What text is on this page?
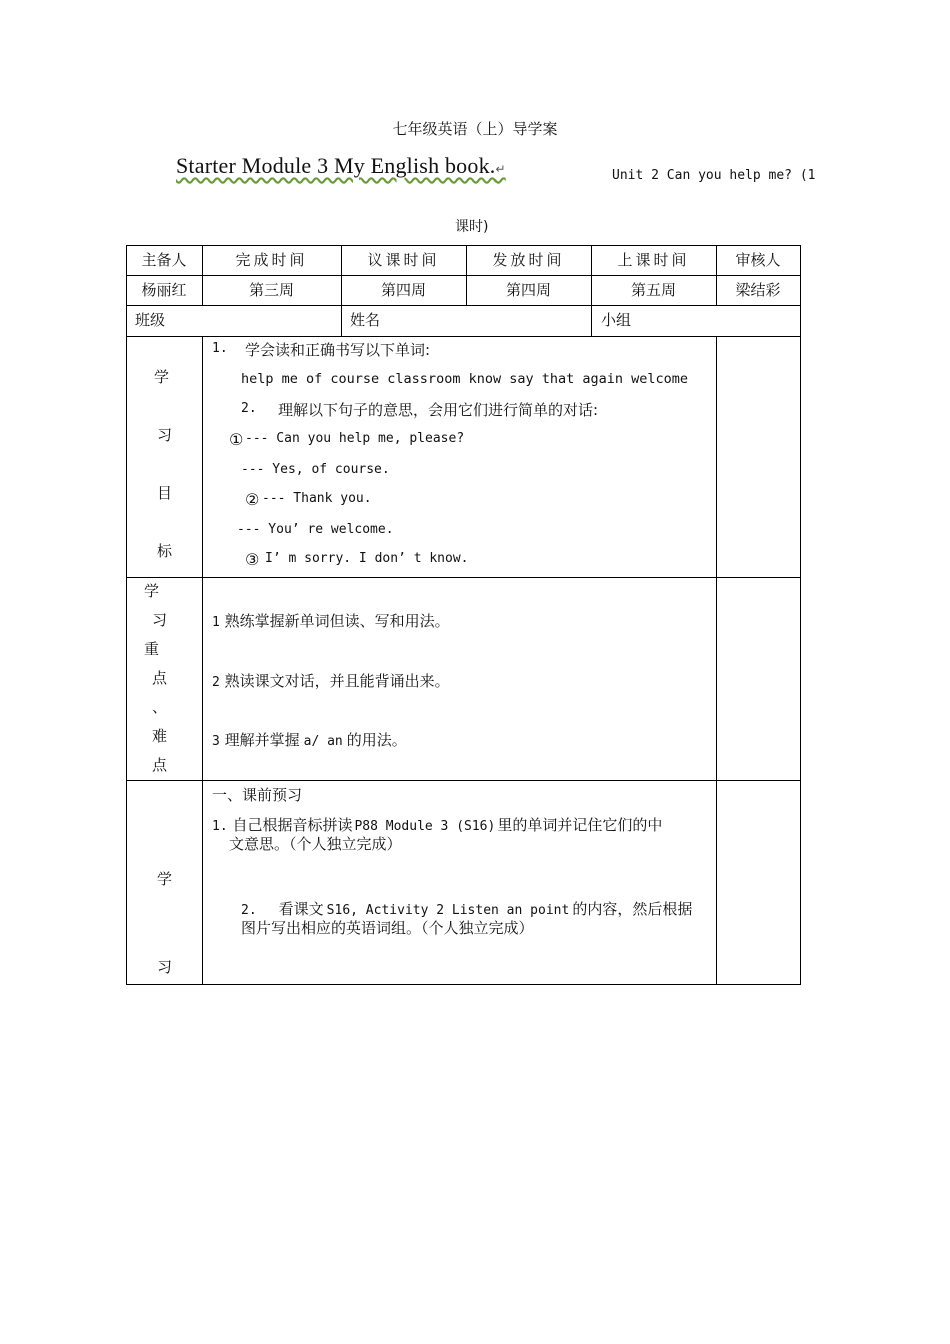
七年级英语（上）导学案
Starter Module 3 My English book.↵	Unit 2 Can you help me? (1
课时)
主备人	完成时间	议课时间	发放时间	上课时间	审核人
杨丽红	第三周	第四周	第四周	第五周	梁结彩
班级	姓名	小组
学
习
目
标
1. 学会读和正确书写以下单词:
help me of course classroom know say that again welcome
2. 理解以下句子的意思，会用它们进行简单的对话:
① --- Can you help me, please?
--- Yes, of course.
② --- Thank you.
--- You’ re welcome.
③ I’ m sorry. I don’ t know.
学
习
重
点
、
难
点
1 熟练掌握新单词但读、写和用法。
2 熟读课文对话，并且能背诵出来。
3 理解并掌握 a/ an 的用法。
学
习
一、课前预习
1. 自己根据音标拼读 P88 Module 3 (S16) 里的单词并记住它们的中
文意思。（个人独立完成）
2. 看课文 S16, Activity 2 Listen an point 的内容，然后根据
图片写出相应的英语词组。（个人独立完成）
